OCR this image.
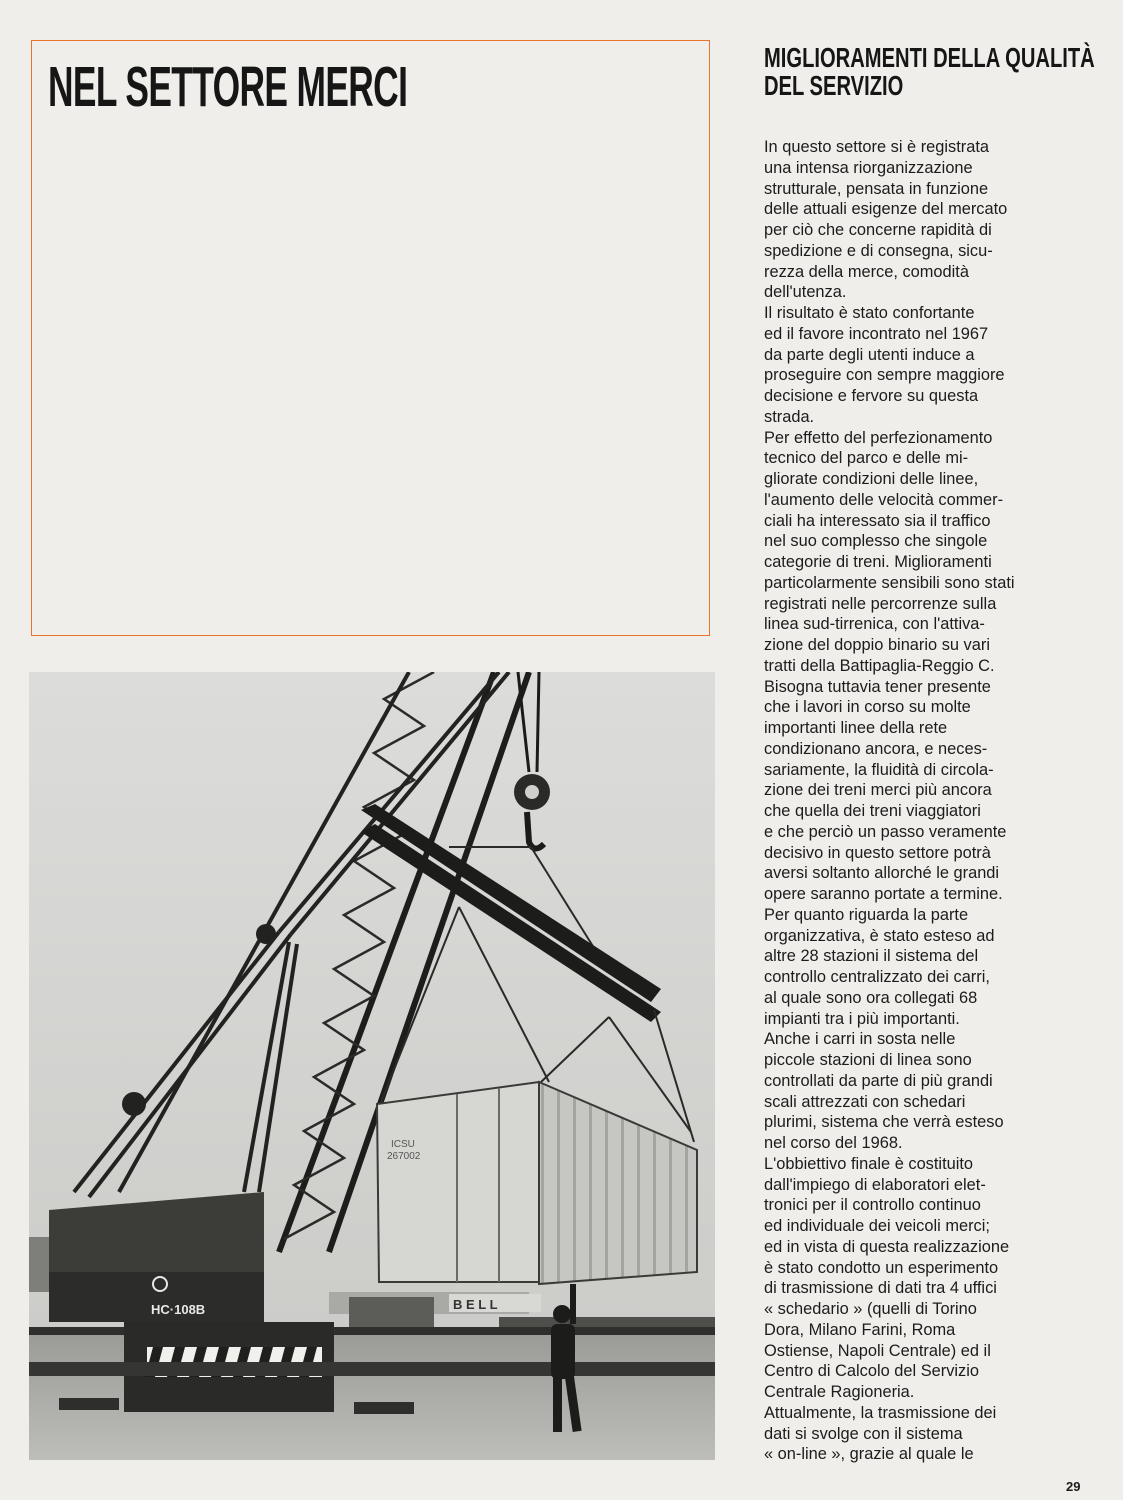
NEL SETTORE MERCI
B E L L
HC·108B
ICSU
267002
MIGLIORAMENTI DELLA QUALITÀ
DEL SERVIZIO
In questo settore si è registrata
una intensa riorganizzazione
strutturale, pensata in funzione
delle attuali esigenze del mercato
per ciò che concerne rapidità di
spedizione e di consegna, sicu-
rezza della merce, comodità
dell'utenza.
Il risultato è stato confortante
ed il favore incontrato nel 1967
da parte degli utenti induce a
proseguire con sempre maggiore
decisione e fervore su questa
strada.
Per effetto del perfezionamento
tecnico del parco e delle mi-
gliorate condizioni delle linee,
l'aumento delle velocità commer-
ciali ha interessato sia il traffico
nel suo complesso che singole
categorie di treni. Miglioramenti
particolarmente sensibili sono stati
registrati nelle percorrenze sulla
linea sud-tirrenica, con l'attiva-
zione del doppio binario su vari
tratti della Battipaglia-Reggio C.
Bisogna tuttavia tener presente
che i lavori in corso su molte
importanti linee della rete
condizionano ancora, e neces-
sariamente, la fluidità di circola-
zione dei treni merci più ancora
che quella dei treni viaggiatori
e che perciò un passo veramente
decisivo in questo settore potrà
aversi soltanto allorché le grandi
opere saranno portate a termine.
Per quanto riguarda la parte
organizzativa, è stato esteso ad
altre 28 stazioni il sistema del
controllo centralizzato dei carri,
al quale sono ora collegati 68
impianti tra i più importanti.
Anche i carri in sosta nelle
piccole stazioni di linea sono
controllati da parte di più grandi
scali attrezzati con schedari
plurimi, sistema che verrà esteso
nel corso del 1968.
L'obbiettivo finale è costituito
dall'impiego di elaboratori elet-
tronici per il controllo continuo
ed individuale dei veicoli merci;
ed in vista di questa realizzazione
è stato condotto un esperimento
di trasmissione di dati tra 4 uffici
« schedario » (quelli di Torino
Dora, Milano Farini, Roma
Ostiense, Napoli Centrale) ed il
Centro di Calcolo del Servizio
Centrale Ragioneria.
Attualmente, la trasmissione dei
dati si svolge con il sistema
« on-line », grazie al quale le
29
